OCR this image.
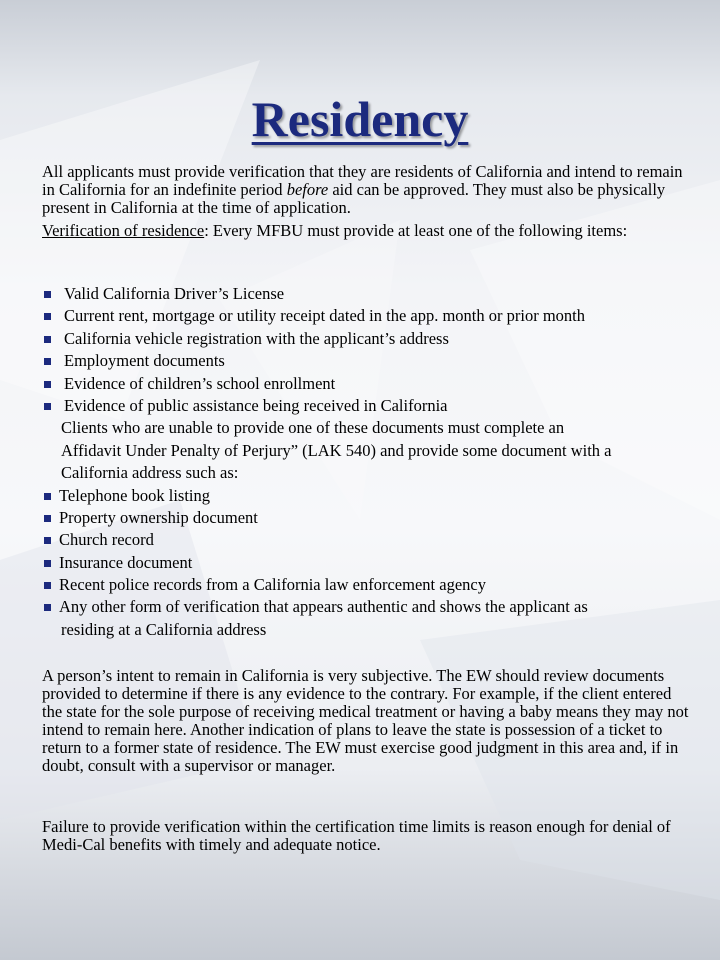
Residency

All applicants must provide verification that they are residents of California and intend to remain in California for an indefinite period before aid can be approved. They must also be physically present in California at the time of application.

Verification of residence: Every MFBU must provide at least one of the following items:

Valid California Driver’s License
Current rent, mortgage or utility receipt dated in the app. month or prior month
California vehicle registration with the applicant’s address
Employment documents
Evidence of children’s school enrollment
Evidence of public assistance being received in California
Clients who are unable to provide one of these documents must complete an
Affidavit Under Penalty of Perjury” (LAK 540) and provide some document with a
California address such as:
Telephone book listing
Property ownership document
Church record
Insurance document
Recent police records from a California law enforcement agency
Any other form of verification that appears authentic and shows the applicant as
residing at a California address

A person’s intent to remain in California is very subjective. The EW should review documents provided to determine if there is any evidence to the contrary. For example, if the client entered the state for the sole purpose of receiving medical treatment or having a baby means they may not intend to remain here. Another indication of plans to leave the state is possession of a ticket to return to a former state of residence. The EW must exercise good judgment in this area and, if in doubt, consult with a supervisor or manager.

Failure to provide verification within the certification time limits is reason enough for denial of Medi-Cal benefits with timely and adequate notice.
